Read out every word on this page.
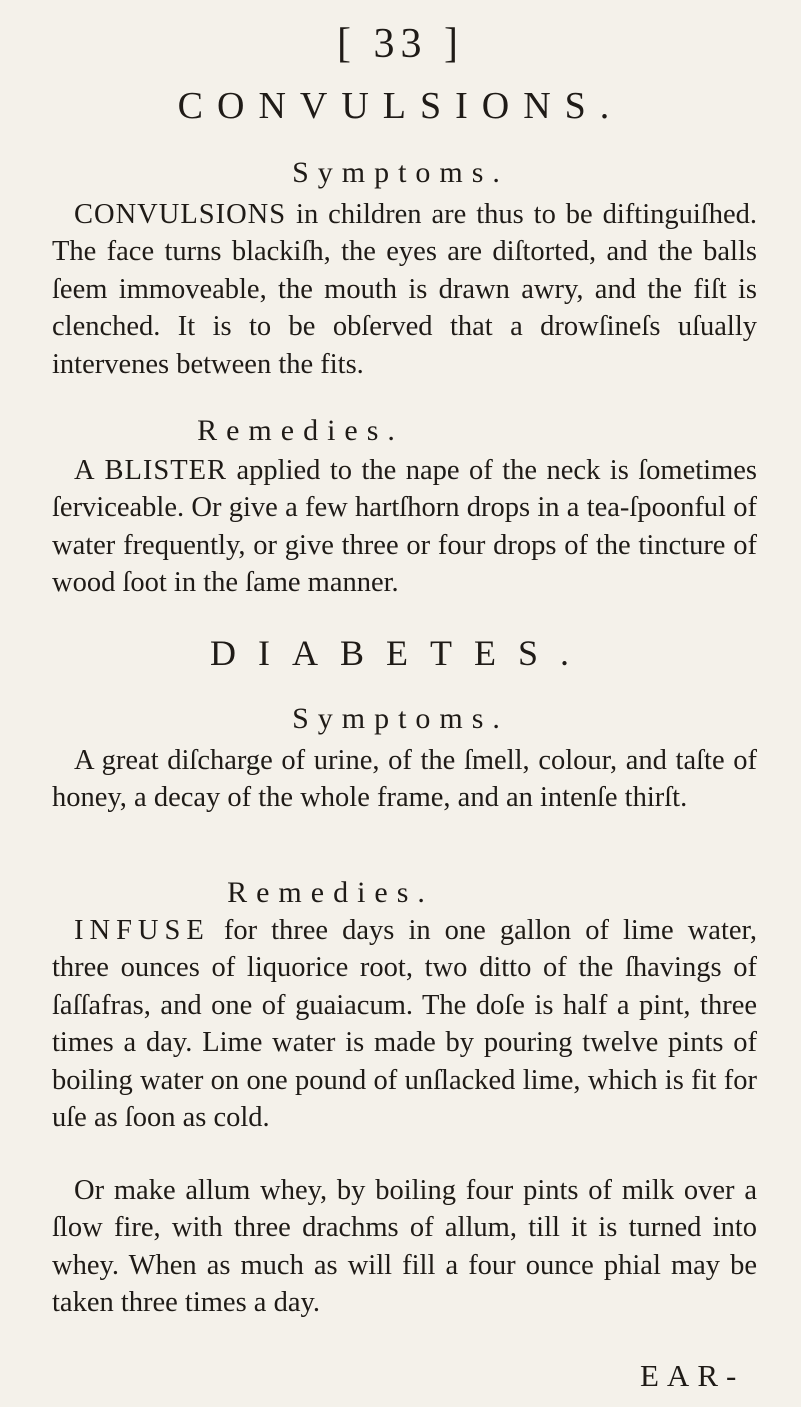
[ 33 ]
CONVULSIONS.
Symptoms.
CONVULSIONS in children are thus to be diftinguiſhed. The face turns blackiſh, the eyes are diſtorted, and the balls ſeem immoveable, the mouth is drawn awry, and the fiſt is clenched. It is to be obſerved that a drowſineſs uſually intervenes between the fits.
Remedies.
A BLISTER applied to the nape of the neck is ſometimes ſerviceable. Or give a few hartſhorn drops in a tea-ſpoonful of water frequently, or give three or four drops of the tincture of wood ſoot in the ſame manner.
DIABETES.
Symptoms.
A great diſcharge of urine, of the ſmell, colour, and taſte of honey, a decay of the whole frame, and an intenſe thirſt.
Remedies.
INFUSE for three days in one gallon of lime water, three ounces of liquorice root, two ditto of the ſhavings of ſaſſafras, and one of guaiacum. The doſe is half a pint, three times a day. Lime water is made by pouring twelve pints of boiling water on one pound of unſlacked lime, which is fit for uſe as ſoon as cold.
Or make allum whey, by boiling four pints of milk over a ſlow fire, with three drachms of allum, till it is turned into whey. When as much as will fill a four ounce phial may be taken three times a day.
EAR-
